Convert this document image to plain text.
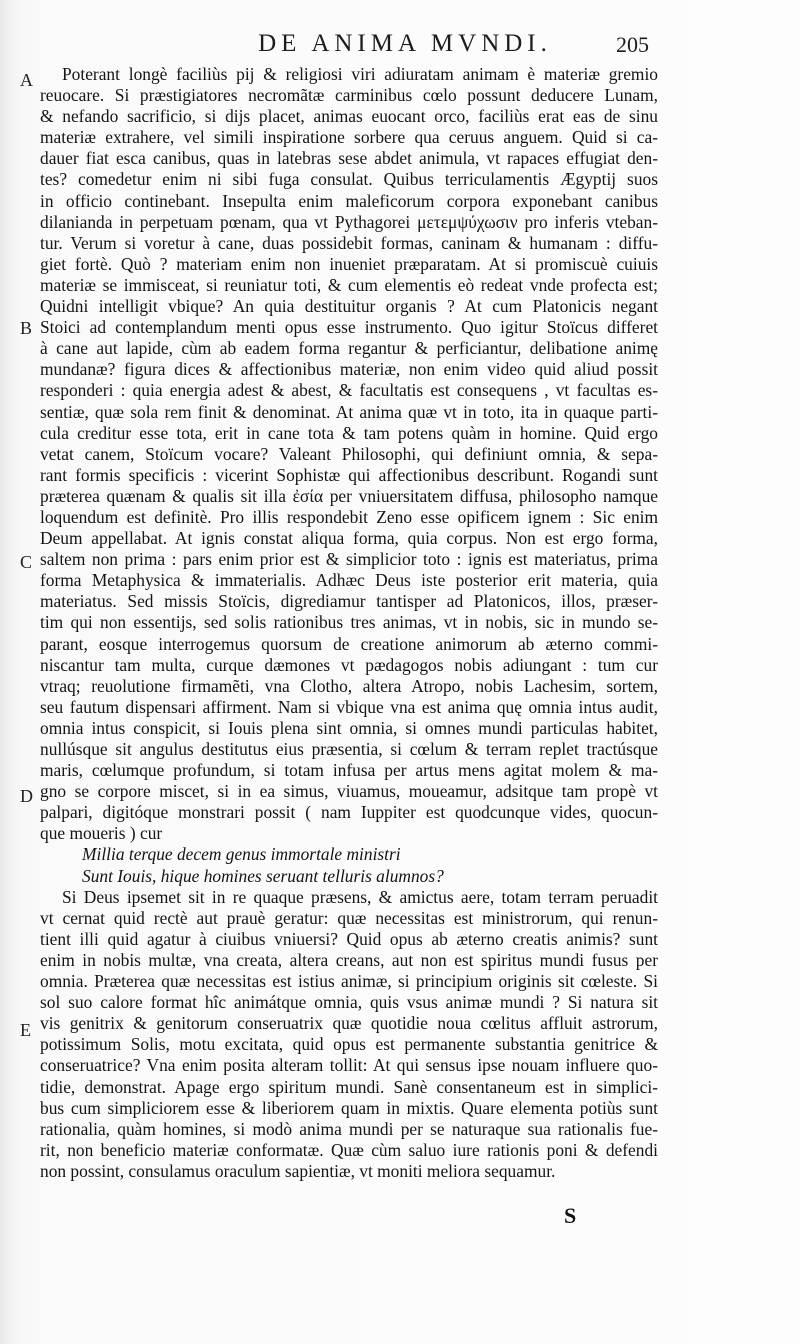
DE ANIMA MVNDI.	205
A
B
C
D
E
Poterant longè faciliùs pij & religiosi viri adiuratam animam è materiæ gremio
reuocare. Si præstigiatores necromãtæ carminibus cœlo possunt deducere Lunam,
& nefando sacrificio, si dijs placet, animas euocant orco, faciliùs erat eas de sinu
materiæ extrahere, vel simili inspiratione sorbere qua ceruus anguem. Quid si ca-
dauer fiat esca canibus, quas in latebras sese abdet animula, vt rapaces effugiat den-
tes? comedetur enim ni sibi fuga consulat. Quibus terriculamentis Ægyptij suos
in officio continebant. Insepulta enim maleficorum corpora exponebant canibus
dilanianda in perpetuam pœnam, qua vt Pythagorei μετεμψύχωσιν pro inferis vteban-
tur. Verum si voretur à cane, duas possidebit formas, caninam & humanam : diffu-
giet fortè. Quò ? materiam enim non inueniet præparatam. At si promiscuè cuiuis
materiæ se immisceat, si reuniatur toti, & cum elementis eò redeat vnde profecta est;
Quidni intelligit vbique? An quia destituitur organis ? At cum Platonicis negant
Stoici ad contemplandum menti opus esse instrumento. Quo igitur Stoïcus differet
à cane aut lapide, cùm ab eadem forma regantur & perficiantur, delibatione animę
mundanæ? figura dices & affectionibus materiæ, non enim video quid aliud possit
responderi : quia energia adest & abest, & facultatis est consequens , vt facultas es-
sentiæ, quæ sola rem finit & denominat. At anima quæ vt in toto, ita in quaque parti-
cula creditur esse tota, erit in cane tota & tam potens quàm in homine. Quid ergo
vetat canem, Stoïcum vocare? Valeant Philosophi, qui definiunt omnia, & sepa-
rant formis specificis : vicerint Sophistæ qui affectionibus describunt. Rogandi sunt
præterea quænam & qualis sit illa ἐσία per vniuersitatem diffusa, philosopho namque
loquendum est definitè. Pro illis respondebit Zeno esse opificem ignem : Sic enim
Deum appellabat. At ignis constat aliqua forma, quia corpus. Non est ergo forma,
saltem non prima : pars enim prior est & simplicior toto : ignis est materiatus, prima
forma Metaphysica & immaterialis. Adhæc Deus iste posterior erit materia, quia
materiatus. Sed missis Stoïcis, digrediamur tantisper ad Platonicos, illos, præser-
tim qui non essentijs, sed solis rationibus tres animas, vt in nobis, sic in mundo se-
parant, eosque interrogemus quorsum de creatione animorum ab æterno commi-
niscantur tam multa, curque dæmones vt pædagogos nobis adiungant : tum cur
vtraq; reuolutione firmamẽti, vna Clotho, altera Atropo, nobis Lachesim, sortem,
seu fautum dispensari affirment. Nam si vbique vna est anima quę omnia intus audit,
omnia intus conspicit, si Iouis plena sint omnia, si omnes mundi particulas habitet,
nullúsque sit angulus destitutus eius præsentia, si cœlum & terram replet tractúsque
maris, cœlumque profundum, si totam infusa per artus mens agitat molem & ma-
gno se corpore miscet, si in ea simus, viuamus, moueamur, adsitque tam propè vt
palpari, digitóque monstrari possit ( nam Iuppiter est quodcunque vides, quocun-
que moueris ) cur
Millia terque decem genus immortale ministri
Sunt Iouis, hique homines seruant telluris alumnos?
Si Deus ipsemet sit in re quaque præsens, & amictus aere, totam terram peruadit
vt cernat quid rectè aut prauè geratur: quæ necessitas est ministrorum, qui renun-
tient illi quid agatur à ciuibus vniuersi? Quid opus ab æterno creatis animis? sunt
enim in nobis multæ, vna creata, altera creans, aut non est spiritus mundi fusus per
omnia. Præterea quæ necessitas est istius animæ, si principium originis sit cœleste. Si
sol suo calore format hîc animátque omnia, quis vsus animæ mundi ? Si natura sit
vis genitrix & genitorum conseruatrix quæ quotidie noua cœlitus affluit astrorum,
potissimum Solis, motu excitata, quid opus est permanente substantia genitrice &
conseruatrice? Vna enim posita alteram tollit: At qui sensus ipse nouam influere quo-
tidie, demonstrat. Apage ergo spiritum mundi. Sanè consentaneum est in simplici-
bus cum simpliciorem esse & liberiorem quam in mixtis. Quare elementa potiùs sunt
rationalia, quàm homines, si modò anima mundi per se naturaque sua rationalis fue-
rit, non beneficio materiæ conformatæ. Quæ cùm saluo iure rationis poni & defendi
non possint, consulamus oraculum sapientiæ, vt moniti meliora sequamur.
S
